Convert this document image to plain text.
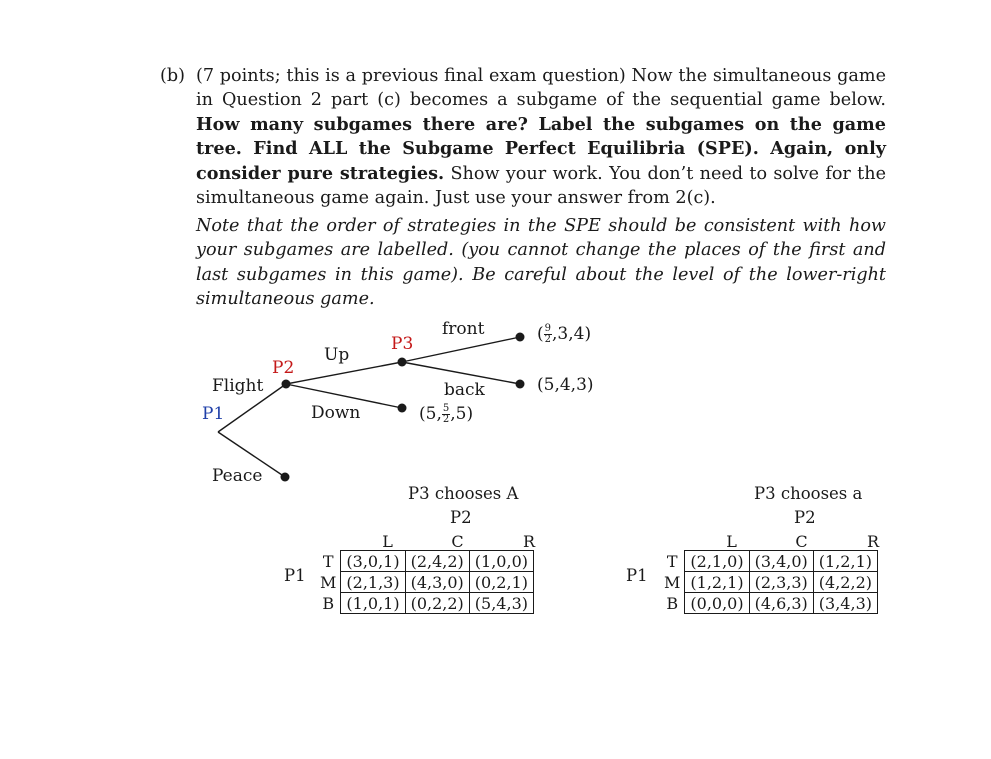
(b) (7 points; this is a previous final exam question) Now the simultaneous game in Question 2 part (c) becomes a subgame of the sequential game below. How many subgames there are? Label the subgames on the game tree. Find ALL the Subgame Perfect Equilibria (SPE). Again, only consider pure strategies. Show your work. You don’t need to solve for the simultaneous game again. Just use your answer from 2(c).
Note that the order of strategies in the SPE should be consistent with how your subgames are labelled. (you cannot change the places of the first and last subgames in this game). Be careful about the level of the lower-right simultaneous game.
Flight
P1
Peace
P2
Up
Down
P3
front
back
( $\frac{9}{2} ,3,4$)
(5,4,3)
(5, $\frac{5}{2} ,5$)
P3 chooses A
P2
P1
L	C	R
T	(3,0,1)	(2,4,2)	(1,0,0)
M	(2,1,3)	(4,3,0)	(0,2,1)
B	(1,0,1)	(0,2,2)	(5,4,3)
P3 chooses a
P2
P1
L	C	R
T	(2,1,0)	(3,4,0)	(1,2,1)
M	(1,2,1)	(2,3,3)	(4,2,2)
B	(0,0,0)	(4,6,3)	(3,4,3)
